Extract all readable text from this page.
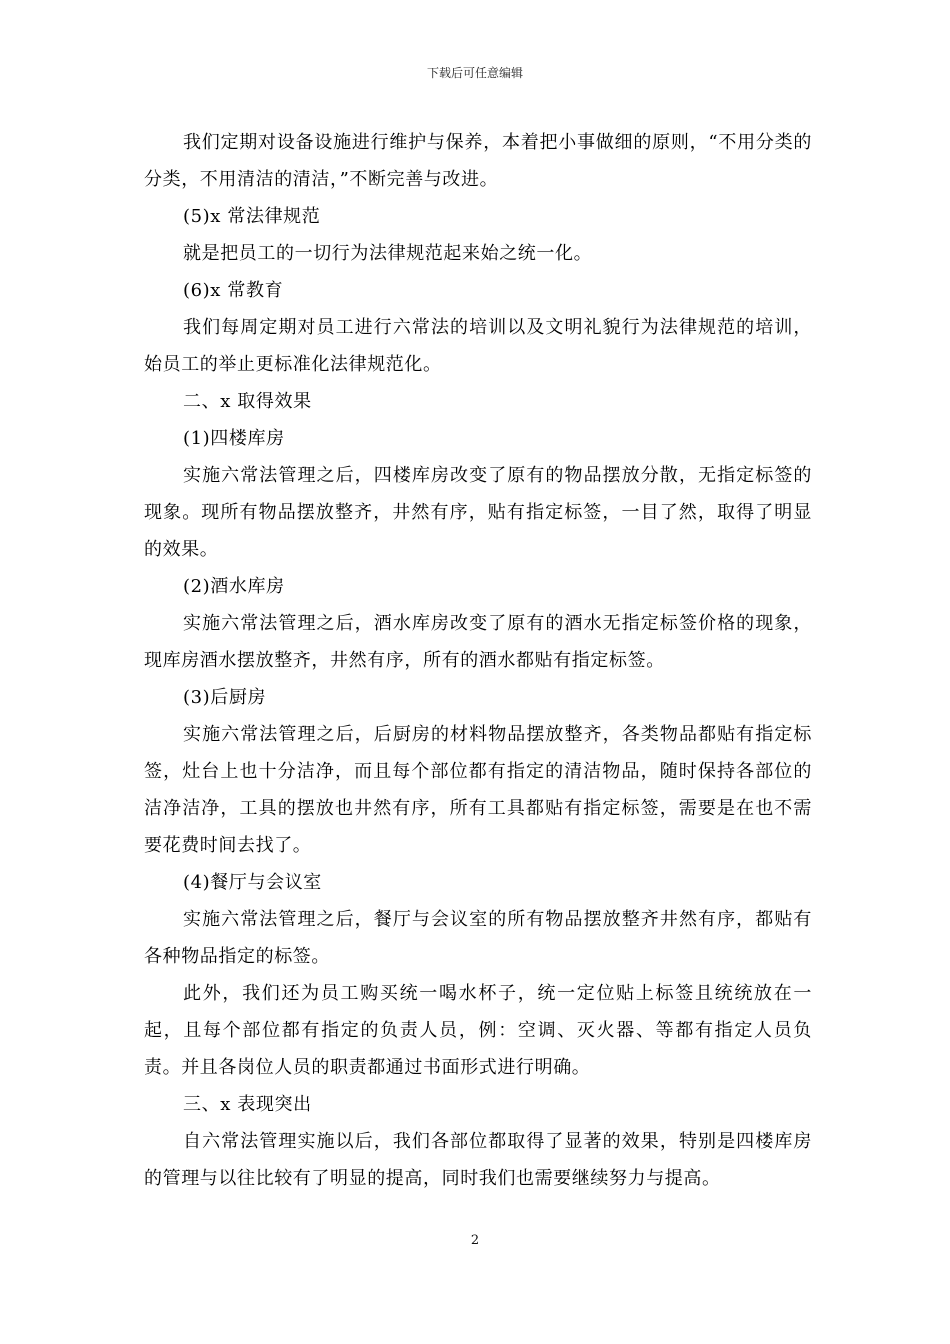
下载后可任意编辑

我们定期对设备设施进行维护与保养，本着把小事做细的原则，“不用分类的分类，不用清洁的清洁，”不断完善与改进。

(5)x 常法律规范

就是把员工的一切行为法律规范起来始之统一化。

(6)x 常教育

我们每周定期对员工进行六常法的培训以及文明礼貌行为法律规范的培训，始员工的举止更标准化法律规范化。

二、x 取得效果

(1)四楼库房

实施六常法管理之后，四楼库房改变了原有的物品摆放分散，无指定标签的现象。现所有物品摆放整齐，井然有序，贴有指定标签，一目了然，取得了明显的效果。

(2)酒水库房

实施六常法管理之后，酒水库房改变了原有的酒水无指定标签价格的现象，现库房酒水摆放整齐，井然有序，所有的酒水都贴有指定标签。

(3)后厨房

实施六常法管理之后，后厨房的材料物品摆放整齐，各类物品都贴有指定标签，灶台上也十分洁净，而且每个部位都有指定的清洁物品，随时保持各部位的洁净洁净，工具的摆放也井然有序，所有工具都贴有指定标签，需要是在也不需要花费时间去找了。

(4)餐厅与会议室

实施六常法管理之后，餐厅与会议室的所有物品摆放整齐井然有序，都贴有各种物品指定的标签。

此外，我们还为员工购买统一喝水杯子，统一定位贴上标签且统统放在一起，且每个部位都有指定的负责人员，例：空调、灭火器、等都有指定人员负责。并且各岗位人员的职责都通过书面形式进行明确。

三、x 表现突出

自六常法管理实施以后，我们各部位都取得了显著的效果，特别是四楼库房的管理与以往比较有了明显的提高，同时我们也需要继续努力与提高。

2
